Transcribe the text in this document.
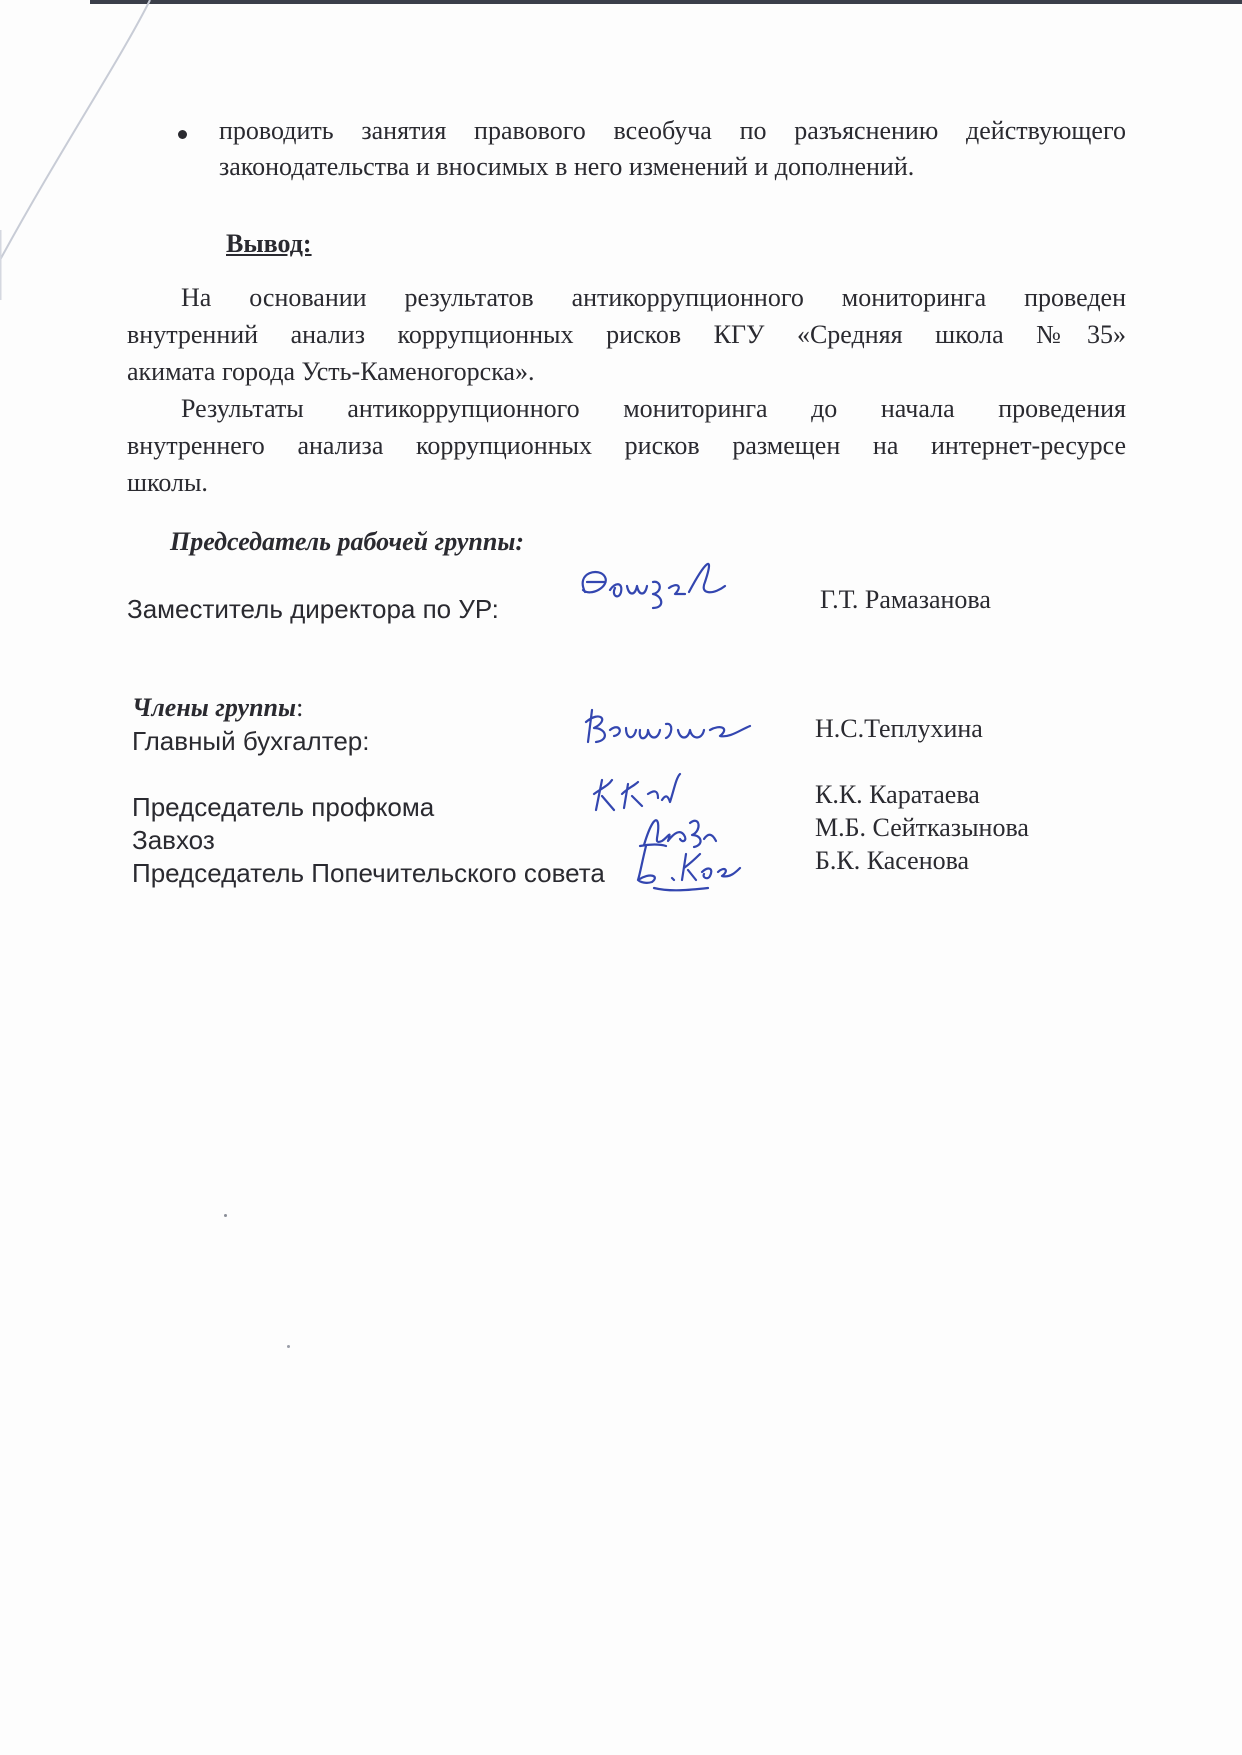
проводить занятия правового всеобуча по разъяснению действующего
законодательства и вносимых в него изменений и дополнений.
Вывод:
На основании результатов антикоррупционного мониторинга проведен
внутренний анализ коррупционных рисков КГУ «Средняя школа №35»
акимата города Усть-Каменогорска».
Результаты антикоррупционного мониторинга до начала проведения
внутреннего анализа коррупционных рисков размещен на интернет-ресурсе
школы.
Председатель рабочей группы:
Заместитель директора по УР:	Г.Т. Рамазанова
Члены группы:
Главный бухгалтер:	Н.С.Теплухина
Председатель профкома	К.К. Каратаева
Завхоз	М.Б. Сейтказынова
Председатель Попечительского совета	Б.К. Касенова
